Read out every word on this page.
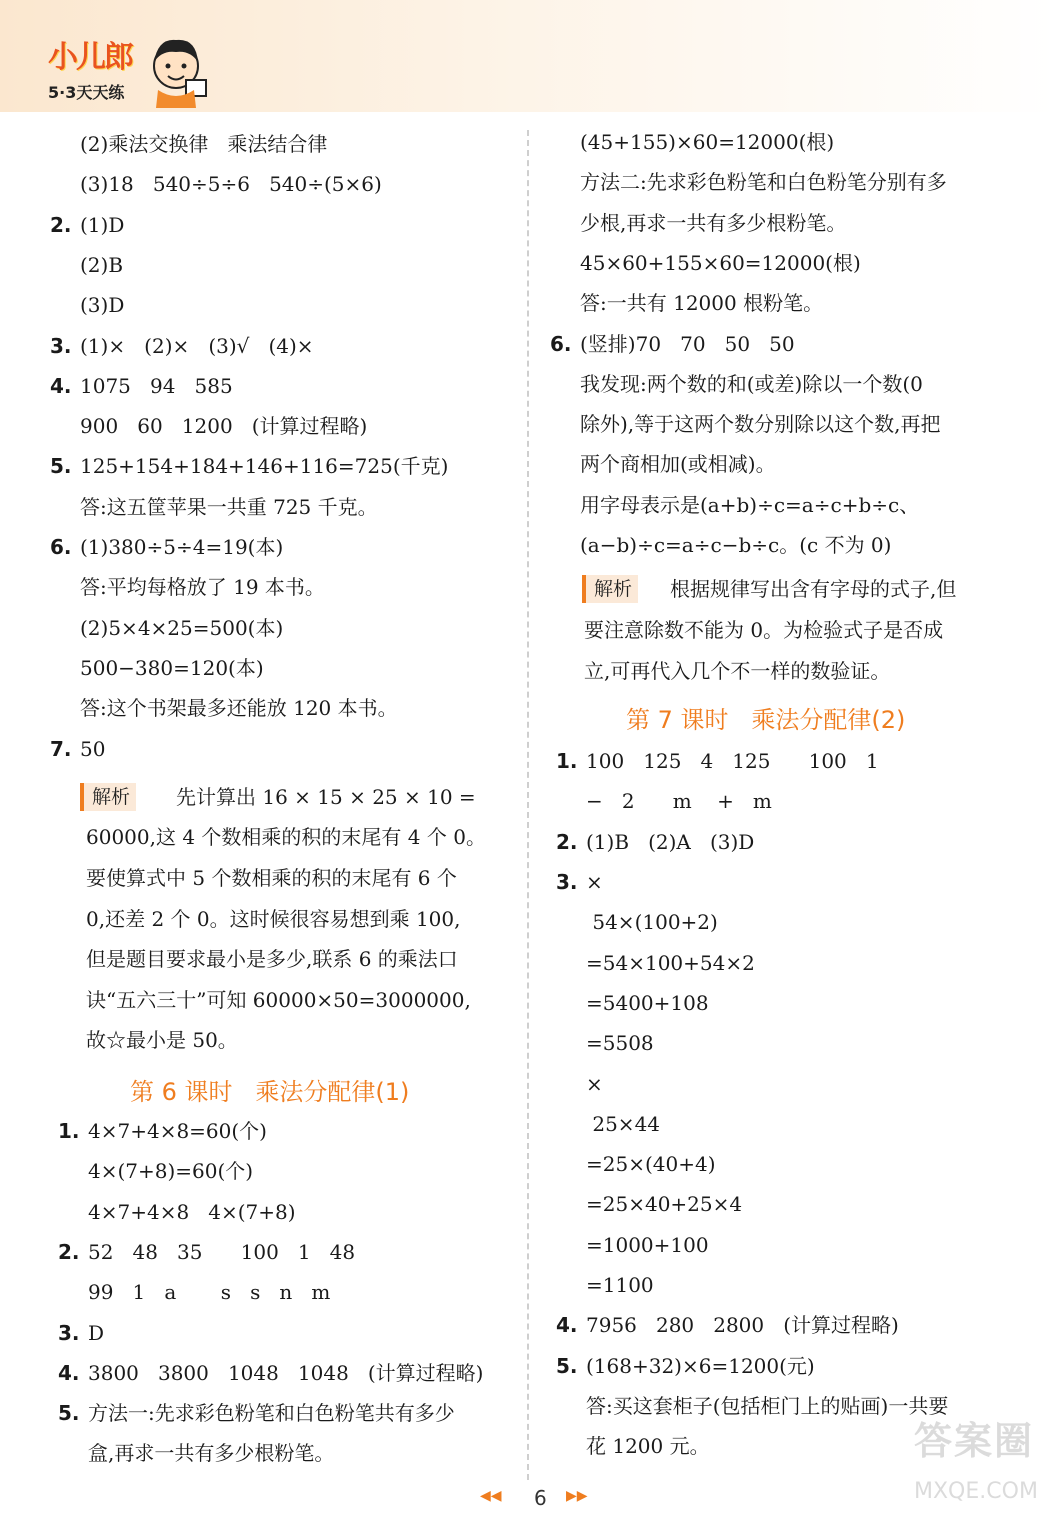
小儿郎
5·3天天练
(2)乘法交换律   乘法结合律
(3)18   540÷5÷6   540÷(5×6)
2. (1)D
(2)B
(3)D
3. (1)×   (2)×   (3)√   (4)×
4. 1075   94   585
900   60   1200   (计算过程略)
5. 125+154+184+146+116=725(千克)
答:这五筐苹果一共重 725 千克。
6. (1)380÷5÷4=19(本)
答:平均每格放了 19 本书。
(2)5×4×25=500(本)
500−380=120(本)
答:这个书架最多还能放 120 本书。
7. 50
解析	先计算出 16 × 15 × 25 × 10 =
60000,这 4 个数相乘的积的末尾有 4 个 0。
要使算式中 5 个数相乘的积的末尾有 6 个
0,还差 2 个 0。这时候很容易想到乘 100,
但是题目要求最小是多少,联系 6 的乘法口
诀“五六三十”可知 60000×50=3000000,
故☆最小是 50。
第 6 课时   乘法分配律(1)
1. 4×7+4×8=60(个)
4×(7+8)=60(个)
4×7+4×8   4×(7+8)
2. 52   48   35      100   1   48
99   1   a       s   s   n   m
3. D
4. 3800   3800   1048   1048   (计算过程略)
5. 方法一:先求彩色粉笔和白色粉笔共有多少
盒,再求一共有多少根粉笔。
(45+155)×60=12000(根)
方法二:先求彩色粉笔和白色粉笔分别有多
少根,再求一共有多少根粉笔。
45×60+155×60=12000(根)
答:一共有 12000 根粉笔。
6. (竖排)70   70   50   50
我发现:两个数的和(或差)除以一个数(0
除外),等于这两个数分别除以这个数,再把
两个商相加(或相减)。
用字母表示是(a+b)÷c=a÷c+b÷c、
(a−b)÷c=a÷c−b÷c。(c 不为 0)
解析	根据规律写出含有字母的式子,但
要注意除数不能为 0。为检验式子是否成
立,可再代入几个不一样的数验证。
第 7 课时   乘法分配律(2)
1. 100   125   4   125      100   1
−   2      m    +   m
2. (1)B   (2)A   (3)D
3. ×
54×(100+2)
=54×100+54×2
=5400+108
=5508
×
25×44
=25×(40+4)
=25×40+25×4
=1000+100
=1100
4. 7956   280   2800   (计算过程略)
5. (168+32)×6=1200(元)
答:买这套柜子(包括柜门上的贴画)一共要
花 1200 元。
◀◀ 6 ▶▶
答案圈
MXQE.COM
